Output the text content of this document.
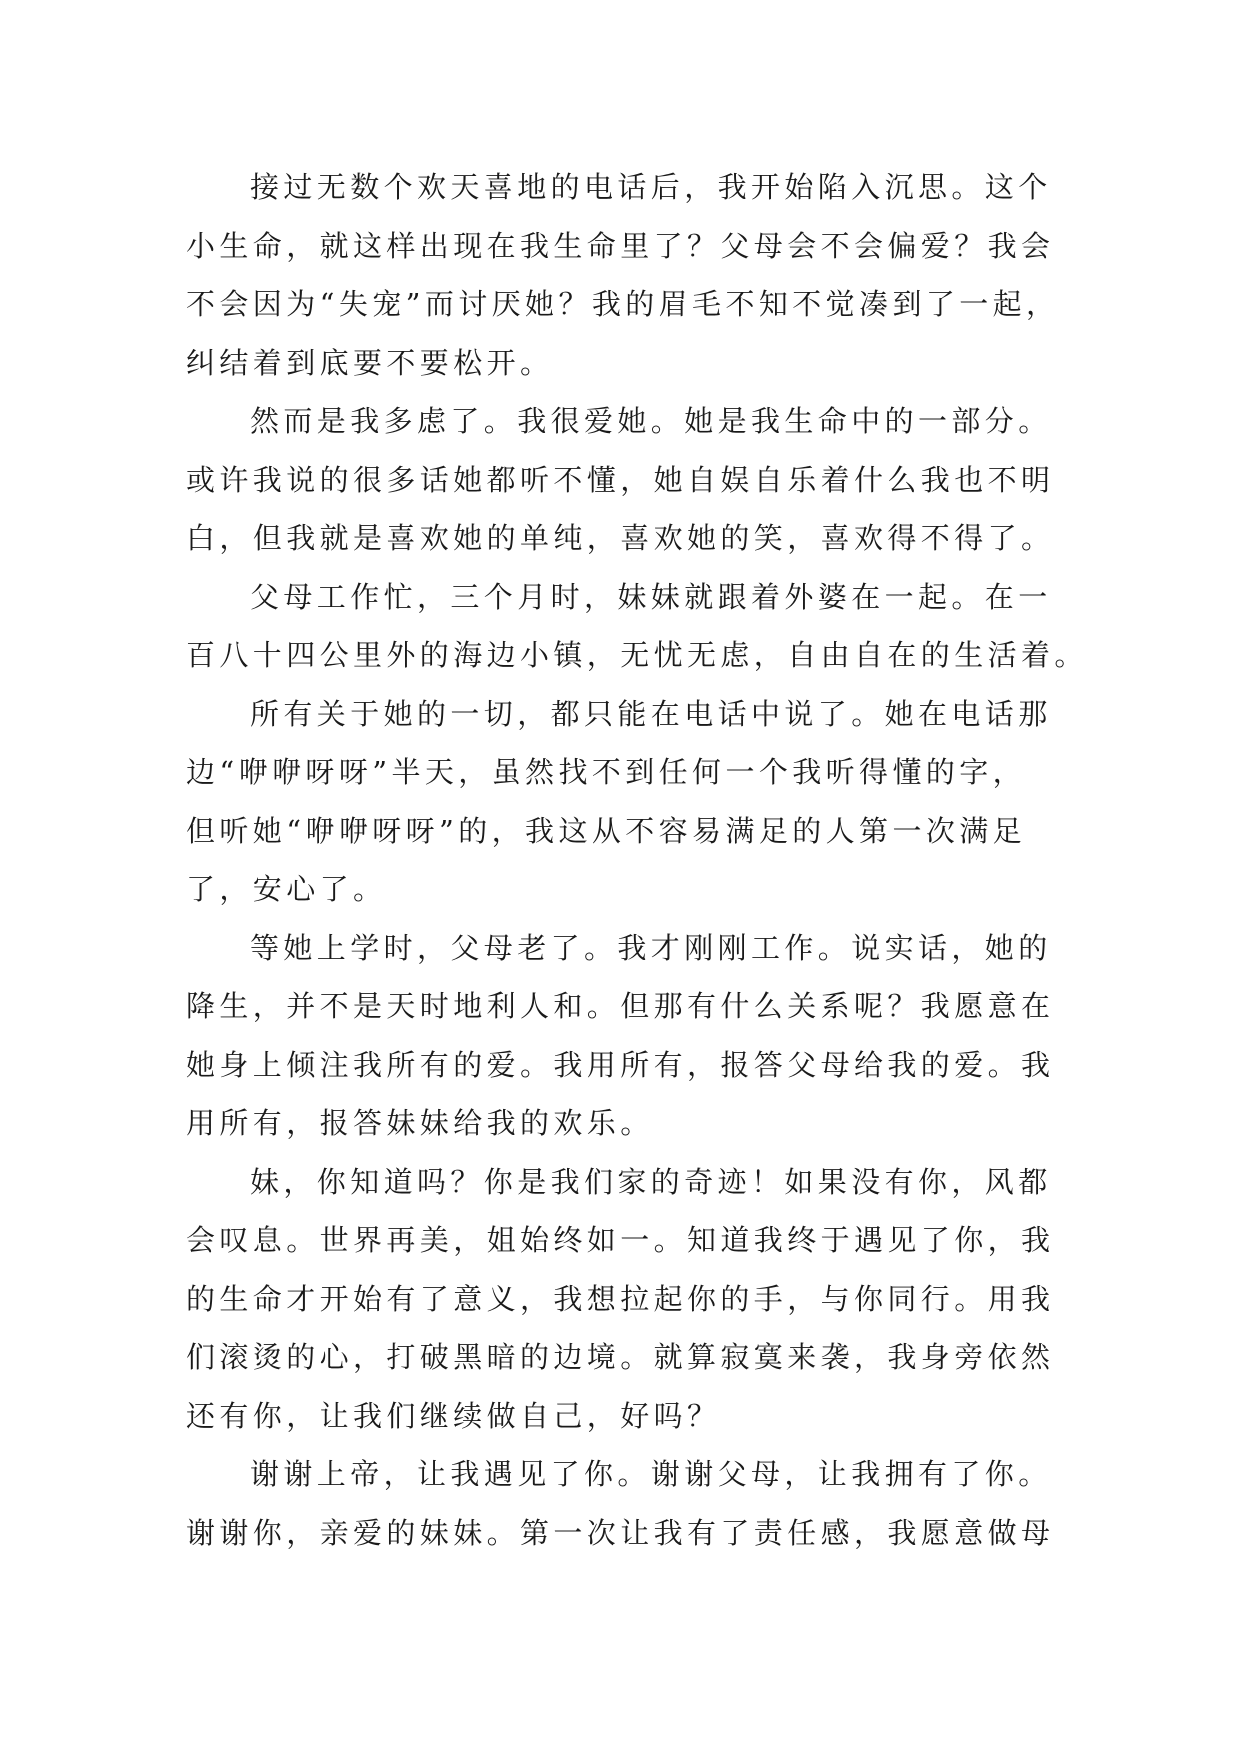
接过无数个欢天喜地的电话后，我开始陷入沉思。这个
小生命，就这样出现在我生命里了？父母会不会偏爱？我会
不会因为“失宠”而讨厌她？我的眉毛不知不觉凑到了一起，
纠结着到底要不要松开。
然而是我多虑了。我很爱她。她是我生命中的一部分。
或许我说的很多话她都听不懂，她自娱自乐着什么我也不明
白，但我就是喜欢她的单纯，喜欢她的笑，喜欢得不得了。
父母工作忙，三个月时，妹妹就跟着外婆在一起。在一
百八十四公里外的海边小镇，无忧无虑，自由自在的生活着。
所有关于她的一切，都只能在电话中说了。她在电话那
边“咿咿呀呀”半天，虽然找不到任何一个我听得懂的字，
但听她“咿咿呀呀”的，我这从不容易满足的人第一次满足
了，安心了。
等她上学时，父母老了。我才刚刚工作。说实话，她的
降生，并不是天时地利人和。但那有什么关系呢？我愿意在
她身上倾注我所有的爱。我用所有，报答父母给我的爱。我
用所有，报答妹妹给我的欢乐。
妹，你知道吗？你是我们家的奇迹！如果没有你，风都
会叹息。世界再美，姐始终如一。知道我终于遇见了你，我
的生命才开始有了意义，我想拉起你的手，与你同行。用我
们滚烫的心，打破黑暗的边境。就算寂寞来袭，我身旁依然
还有你，让我们继续做自己，好吗？
谢谢上帝，让我遇见了你。谢谢父母，让我拥有了你。
谢谢你，亲爱的妹妹。第一次让我有了责任感，我愿意做母
